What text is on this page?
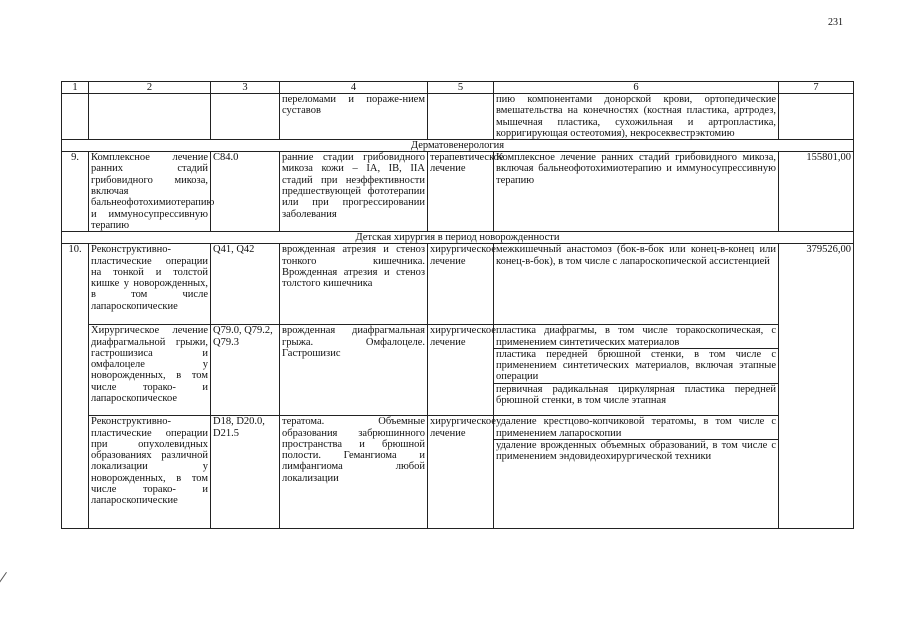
231
1	2	3	4	5	6	7
			переломами и пораже-нием суставов		пию компонентами донорской крови, ортопедические вмешательства на конечностях (костная пластика, артродез, мышечная пластика, сухожильная и артропластика, корригирующая остеотомия), некросеквестрэктомию	
Дерматовенерология						
9.	Комплексное лечение ранних стадий грибовидного микоза, включая бальнеофотохимиотерапию и иммуносупрессивную терапию	С84.0	ранние стадии грибовидного микоза кожи – IA, IB, IIA стадий при неэффективности предшествующей фототерапии или при прогрессировании заболевания	терапевтическое лечение	Комплексное лечение ранних стадий грибовидного микоза, включая бальнеофотохимиотерапию и иммуносупрессивную терапию	155801,00
Детская хирургия в период новорожденности						
10.	Реконструктивно-пластические операции на тонкой и толстой кишке у новорожденных, в том числе лапароскопические	Q41, Q42	врожденная атрезия и стеноз тонкого кишечника. Врожденная атрезия и стеноз толстого кишечника	хирургическое лечение	межкишечный анастомоз (бок-в-бок или конец-в-конец или конец-в-бок), в том числе с лапароскопической ассистенцией	379526,00
	Хирургическое лечение диафрагмальной грыжи, гастрошизиса и омфалоцеле у новорожденных, в том числе торако- и лапароскопическое	Q79.0, Q79.2, Q79.3	врожденная диафрагмальная грыжа. Омфалоцеле. Гастрошизис	хирургическое лечение	пластика диафрагмы, в том числе торакоскопическая, с применением синтетических материалов
пластика передней брюшной стенки, в том числе с применением синтетических материалов, включая этапные операции
первичная радикальная циркулярная пластика передней брюшной стенки, в том числе этапная	

	Реконструктивно-пластические операции при опухолевидных образованиях различной локализации у новорожденных, в том числе торако- и лапароскопические	D18, D20.0, D21.5	тератома. Объемные образования забрюшинного пространства и брюшной полости. Гемангиома и лимфангиома любой локализации	хирургическое лечение	удаление крестцово-копчиковой тератомы, в том числе с применением лапароскопии
удаление врожденных объемных образований, в том числе с применением эндовидеохирургической техники	
